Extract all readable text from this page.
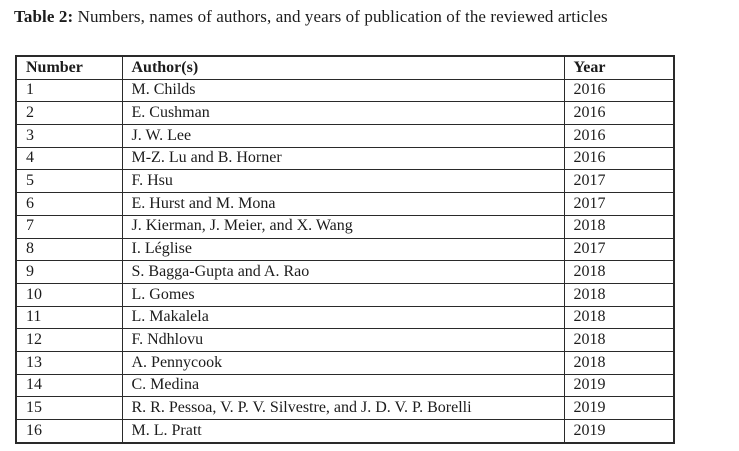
Table 2: Numbers, names of authors, and years of publication of the reviewed articles
Number	Author(s)	Year
1	M. Childs	2016
2	E. Cushman	2016
3	J. W. Lee	2016
4	M-Z. Lu and B. Horner	2016
5	F. Hsu	2017
6	E. Hurst and M. Mona	2017
7	J. Kierman, J. Meier, and X. Wang	2018
8	I. Léglise	2017
9	S. Bagga-Gupta and A. Rao	2018
10	L. Gomes	2018
11	L. Makalela	2018
12	F. Ndhlovu	2018
13	A. Pennycook	2018
14	C. Medina	2019
15	R. R. Pessoa, V. P. V. Silvestre, and J. D. V. P. Borelli	2019
16	M. L. Pratt	2019
